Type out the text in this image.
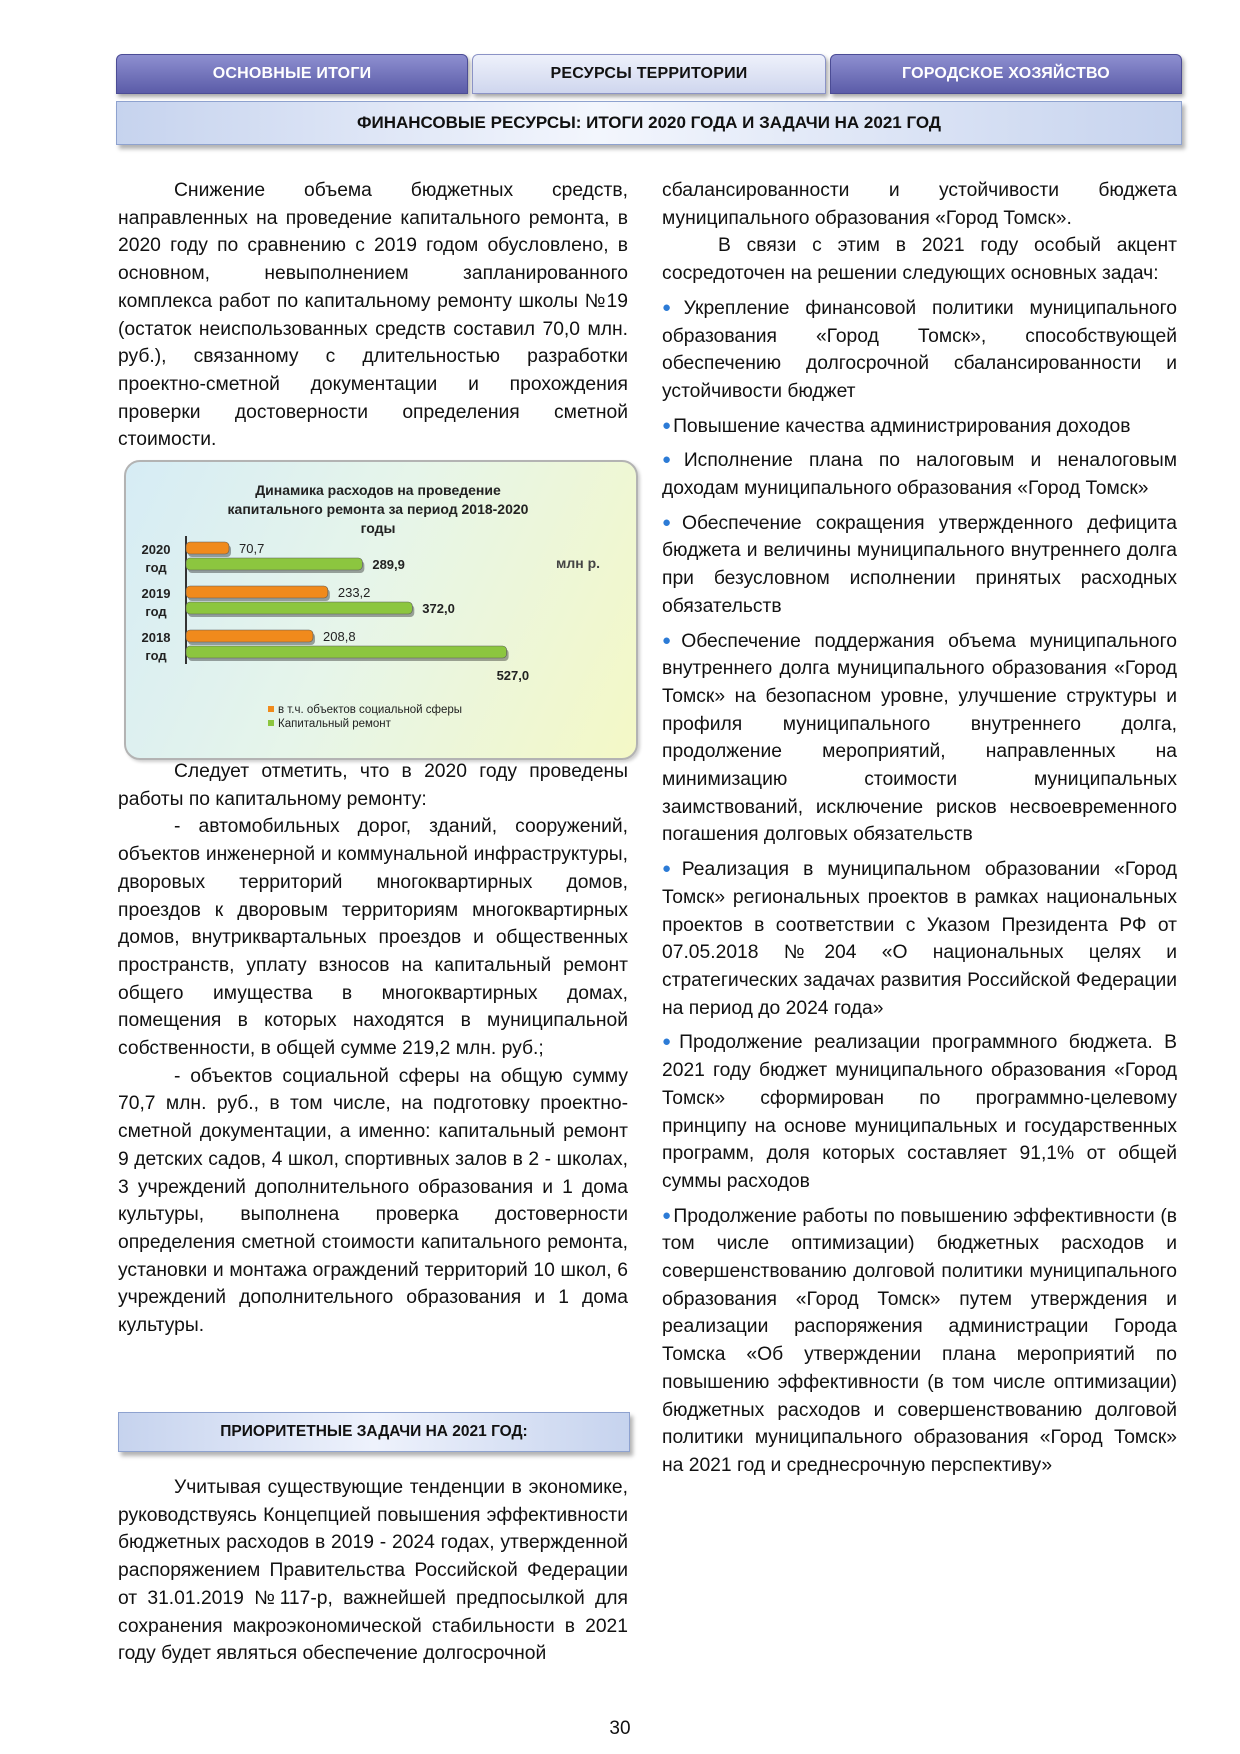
ОСНОВНЫЕ ИТОГИ	РЕСУРСЫ ТЕРРИТОРИИ	ГОРОДСКОЕ ХОЗЯЙСТВО
ФИНАНСОВЫЕ РЕСУРСЫ: ИТОГИ 2020 ГОДА И ЗАДАЧИ НА 2021 ГОД

Снижение объема бюджетных средств, направленных на проведение капитального ремонта, в 2020 году по сравнению с 2019 годом обусловлено, в основном, невыполнением запланированного комплекса работ по капитальному ремонту школы №19 (остаток неиспользованных средств составил 70,0 млн. руб.), связанному с длительностью разработки проектно-сметной документации и прохождения проверки достоверности определения сметной стоимости.

Динамика расходов на проведение
капитального ремонта за период 2018-2020
годы
млн р.
2020
год
70,7
289,9
2019
год
233,2
372,0
2018
год
208,8
527,0
в т.ч. объектов социальной сферы
Капитальный ремонт

Следует отметить, что в 2020 году проведены работы по капитальному ремонту:

- автомобильных дорог, зданий, сооружений, объектов инженерной и коммунальной инфраструктуры, дворовых территорий многоквартирных домов, проездов к дворовым территориям многоквартирных домов, внутриквартальных проездов и общественных пространств, уплату взносов на капитальный ремонт общего имущества в многоквартирных домах, помещения в которых находятся в муниципальной собственности, в общей сумме 219,2 млн. руб.;

- объектов социальной сферы на общую сумму 70,7 млн. руб., в том числе, на подготовку проектно-сметной документации, а именно: капитальный ремонт 9 детских садов, 4 школ, спортивных залов в 2 - школах, 3 учреждений дополнительного образования и 1 дома культуры, выполнена проверка достоверности определения сметной стоимости капитального ремонта, установки и монтажа ограждений территорий 10 школ, 6 учреждений дополнительного образования и 1 дома культуры.

ПРИОРИТЕТНЫЕ ЗАДАЧИ НА 2021 ГОД:

Учитывая существующие тенденции в экономике, руководствуясь Концепцией повышения эффективности бюджетных расходов в 2019 - 2024 годах, утвержденной распоряжением Правительства Российской Федерации от 31.01.2019 №117-р, важнейшей предпосылкой для сохранения макроэкономической стабильности в 2021 году будет являться обеспечение долгосрочной

сбалансированности и устойчивости бюджета муниципального образования «Город Томск».

В связи с этим в 2021 году особый акцент сосредоточен на решении следующих основных задач:

● Укрепление финансовой политики муниципального образования «Город Томск», способствующей обеспечению долгосрочной сбалансированности и устойчивости бюджет

● Повышение качества администрирования доходов

● Исполнение плана по налоговым и неналоговым доходам муниципального образования «Город Томск»

● Обеспечение сокращения утвержденного дефицита бюджета и величины муниципального внутреннего долга при безусловном исполнении принятых расходных обязательств

● Обеспечение поддержания объема муниципального внутреннего долга муниципального образования «Город Томск» на безопасном уровне, улучшение структуры и профиля муниципального внутреннего долга, продолжение мероприятий, направленных на минимизацию стоимости муниципальных заимствований, исключение рисков несвоевременного погашения долговых обязательств

● Реализация в муниципальном образовании «Город Томск» региональных проектов в рамках национальных проектов в соответствии с Указом Президента РФ от 07.05.2018 №204 «О национальных целях и стратегических задачах развития Российской Федерации на период до 2024 года»

● Продолжение реализации программного бюджета. В 2021 году бюджет муниципального образования «Город Томск» сформирован по программно-целевому принципу на основе муниципальных и государственных программ, доля которых составляет 91,1% от общей суммы расходов

● Продолжение работы по повышению эффективности (в том числе оптимизации) бюджетных расходов и совершенствованию долговой политики муниципального образования «Город Томск» путем утверждения и реализации распоряжения администрации Города Томска «Об утверждении плана мероприятий по повышению эффективности (в том числе оптимизации) бюджетных расходов и совершенствованию долговой политики муниципального образования «Город Томск» на 2021 год и среднесрочную перспективу»

30
